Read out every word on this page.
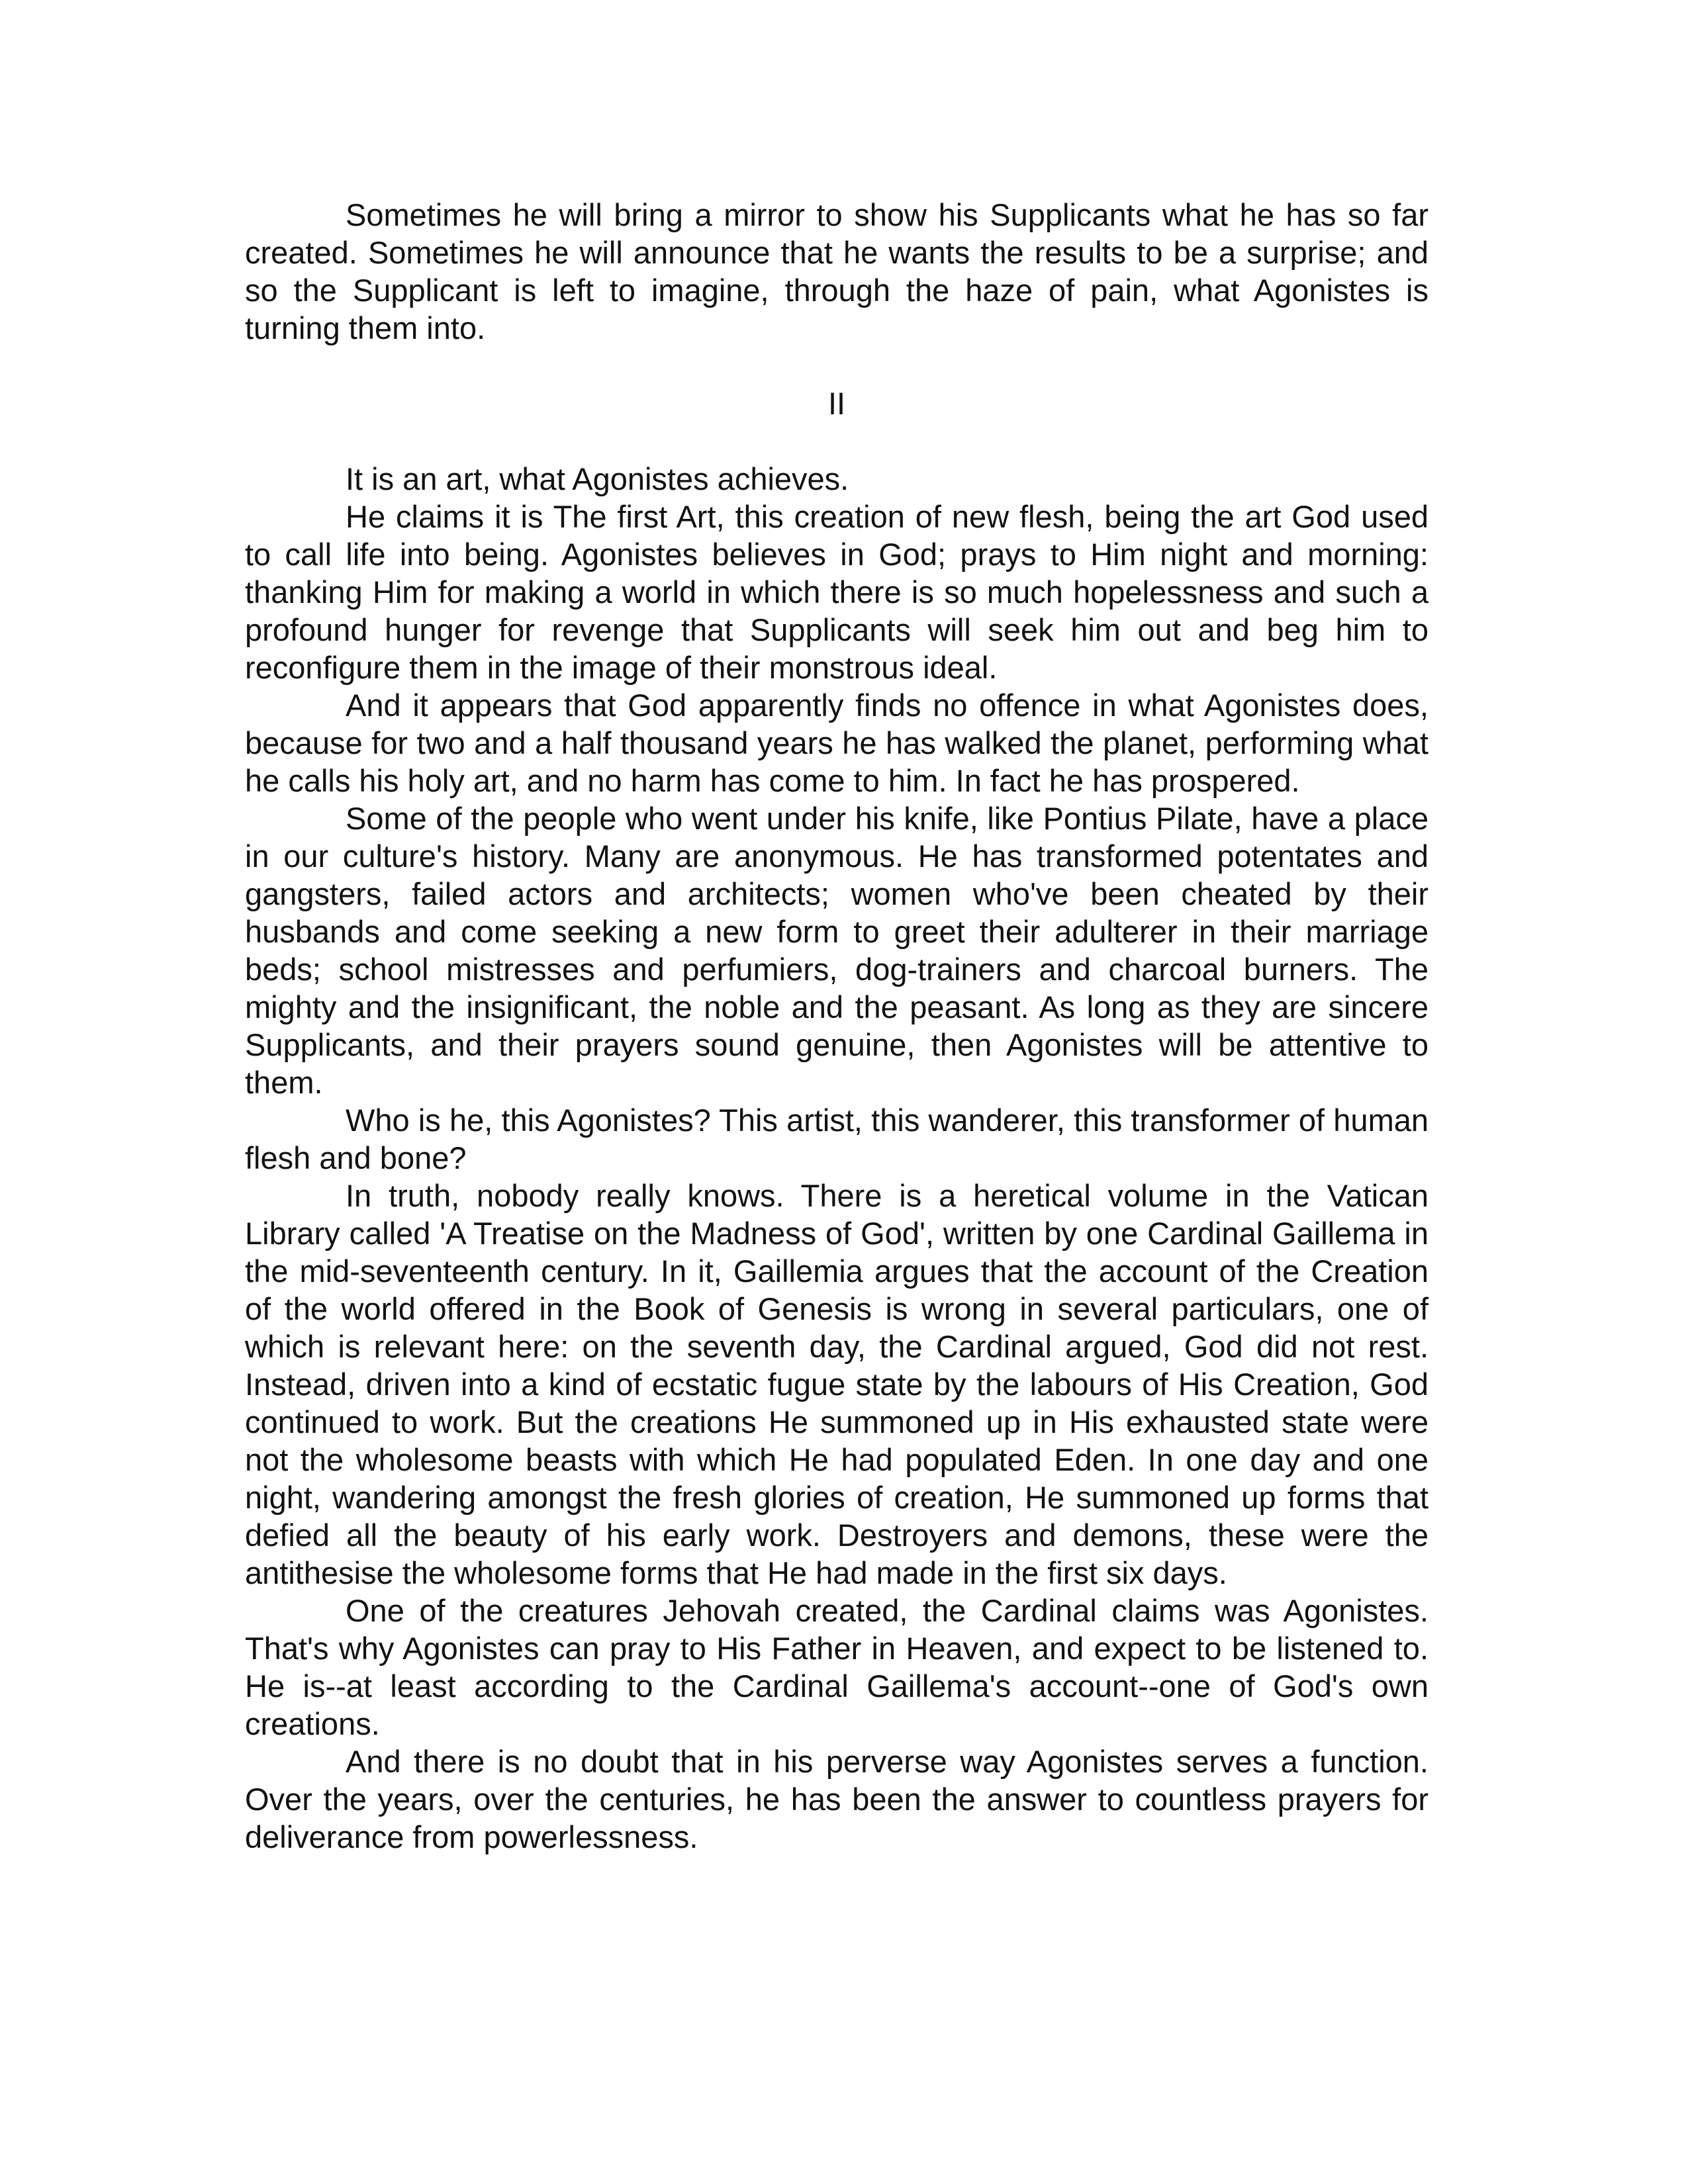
Sometimes he will bring a mirror to show his Supplicants what he has so far created. Sometimes he will announce that he wants the results to be a surprise; and so the Supplicant is left to imagine, through the haze of pain, what Agonistes is turning them into.

II

It is an art, what Agonistes achieves.

He claims it is The first Art, this creation of new flesh, being the art God used to call life into being. Agonistes believes in God; prays to Him night and morning: thanking Him for making a world in which there is so much hopelessness and such a profound hunger for revenge that Supplicants will seek him out and beg him to reconfigure them in the image of their monstrous ideal.

And it appears that God apparently finds no offence in what Agonistes does, because for two and a half thousand years he has walked the planet, performing what he calls his holy art, and no harm has come to him. In fact he has prospered.

Some of the people who went under his knife, like Pontius Pilate, have a place in our culture's history. Many are anonymous. He has transformed potentates and gangsters, failed actors and architects; women who've been cheated by their husbands and come seeking a new form to greet their adulterer in their marriage beds; school mistresses and perfumiers, dog-trainers and charcoal burners. The mighty and the insignificant, the noble and the peasant. As long as they are sincere Supplicants, and their prayers sound genuine, then Agonistes will be attentive to them.

Who is he, this Agonistes? This artist, this wanderer, this transformer of human flesh and bone?

In truth, nobody really knows. There is a heretical volume in the Vatican Library called 'A Treatise on the Madness of God', written by one Cardinal Gaillema in the mid-seventeenth century. In it, Gaillemia argues that the account of the Creation of the world offered in the Book of Genesis is wrong in several particulars, one of which is relevant here: on the seventh day, the Cardinal argued, God did not rest. Instead, driven into a kind of ecstatic fugue state by the labours of His Creation, God continued to work. But the creations He summoned up in His exhausted state were not the wholesome beasts with which He had populated Eden. In one day and one night, wandering amongst the fresh glories of creation, He summoned up forms that defied all the beauty of his early work. Destroyers and demons, these were the antithesise the wholesome forms that He had made in the first six days.

One of the creatures Jehovah created, the Cardinal claims was Agonistes. That's why Agonistes can pray to His Father in Heaven, and expect to be listened to. He is--at least according to the Cardinal Gaillema's account--one of God's own creations.

And there is no doubt that in his perverse way Agonistes serves a function. Over the years, over the centuries, he has been the answer to countless prayers for deliverance from powerlessness.
